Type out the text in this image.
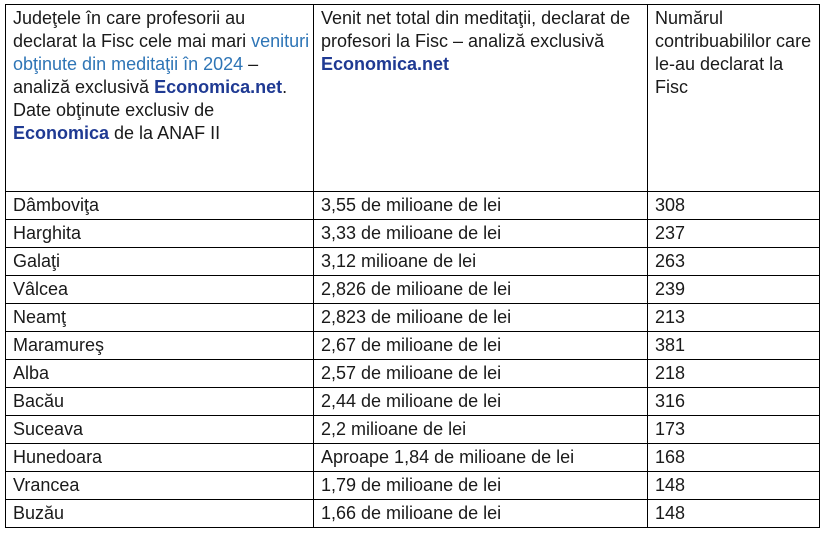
Judeţele în care profesorii au declarat la Fisc cele mai mari venituri obţinute din meditaţii în 2024 – analiză exclusivă Economica.net. Date obţinute exclusiv de Economica de la ANAF II	Venit net total din meditaţii, declarat de profesori la Fisc – analiză exclusivă Economica.net	Numărul contribuabililor care le-au declarat la Fisc
Dâmboviţa	3,55 de milioane de lei	308
Harghita	3,33 de milioane de lei	237
Galaţi	3,12 milioane de lei	263
Vâlcea	2,826 de milioane de lei	239
Neamţ	2,823 de milioane de lei	213
Maramureş	2,67 de milioane de lei	381
Alba	2,57 de milioane de lei	218
Bacău	2,44 de milioane de lei	316
Suceava	2,2 milioane de lei	173
Hunedoara	Aproape 1,84 de milioane de lei	168
Vrancea	1,79 de milioane de lei	148
Buzău	1,66 de milioane de lei	148
